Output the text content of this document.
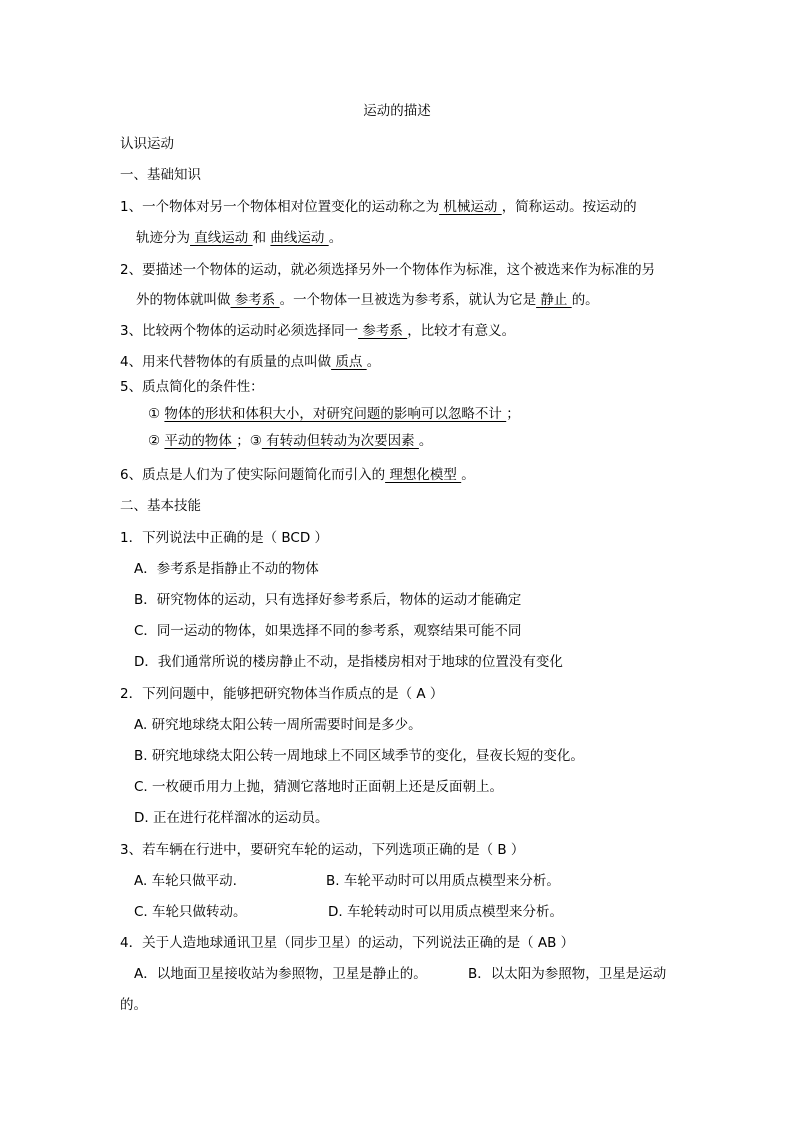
运动的描述
认识运动
一、基础知识
1、一个物体对另一个物体相对位置变化的运动称之为 机械运动 ，简称运动。按运动的
轨迹分为 直线运动 和 曲线运动 。
2、要描述一个物体的运动，就必须选择另外一个物体作为标准，这个被选来作为标准的另
外的物体就叫做 参考系 。一个物体一旦被选为参考系，就认为它是 静止 的。
3、比较两个物体的运动时必须选择同一 参考系 ，比较才有意义。
4、用来代替物体的有质量的点叫做 质点 。
5、质点简化的条件性：
① 物体的形状和体积大小，对研究问题的影响可以忽略不计 ；
② 平动的物体 ；③ 有转动但转动为次要因素 。
6、质点是人们为了使实际问题简化而引入的 理想化模型 。
二、基本技能
1．下列说法中正确的是（ BCD ）
A．参考系是指静止不动的物体
B．研究物体的运动，只有选择好参考系后，物体的运动才能确定
C．同一运动的物体，如果选择不同的参考系，观察结果可能不同
D．我们通常所说的楼房静止不动，是指楼房相对于地球的位置没有变化
2．下列问题中，能够把研究物体当作质点的是（ A ）
A. 研究地球绕太阳公转一周所需要时间是多少。
B. 研究地球绕太阳公转一周地球上不同区域季节的变化，昼夜长短的变化。
C. 一枚硬币用力上抛，猜测它落地时正面朝上还是反面朝上。
D. 正在进行花样溜冰的运动员。
3、若车辆在行进中，要研究车轮的运动，下列选项正确的是（ B ）
A. 车轮只做平动.	B. 车轮平动时可以用质点模型来分析。
C. 车轮只做转动。	D. 车轮转动时可以用质点模型来分析。
4．关于人造地球通讯卫星（同步卫星）的运动，下列说法正确的是（ AB ）
A．以地面卫星接收站为参照物，卫星是静止的。	B．以太阳为参照物，卫星是运动
的。
